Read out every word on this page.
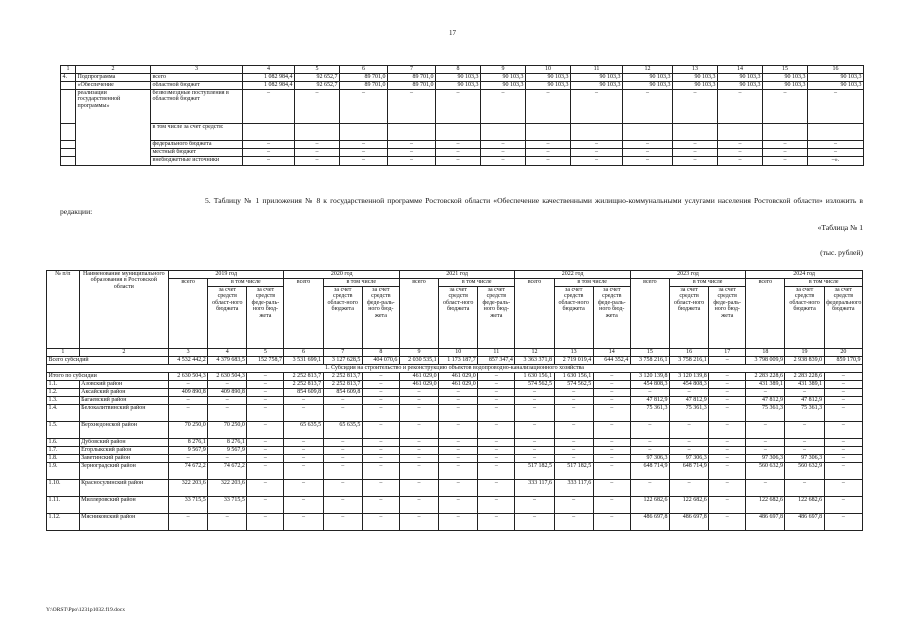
17
1	2	3	4	5	6	7	8	9	10	11	12	13	14	15	16
4.	Подпрограмма	всего	1 082 984,4	92 652,7	89 701,0	89 701,0	90 103,3	90 103,3	90 103,3	90 103,3	90 103,3	90 103,3	90 103,3	90 103,3	90 103,3
	«Обеспечение	областной бюджет	1 082 984,4	92 652,7	89 701,0	89 701,0	90 103,3	90 103,3	90 103,3	90 103,3	90 103,3	90 103,3	90 103,3	90 103,3	90 103,3
	реализации государственной программы»	безвозмездные поступления в областной бюджет	–	–	–	–	–	–	–	–	–	–	–	–	–
		в том числе за счет средств:													
		федерального бюджета	–	–	–	–	–	–	–	–	–	–	–	–	–
		местный бюджет	–	–	–	–	–	–	–	–	–	–	–	–	–
		внебюджетные источники	–	–	–	–	–	–	–	–	–	–	–	–	–».
5. Таблицу № 1 приложения № 8 к государственной программе Ростовской области «Обеспечение качественными жилищно-коммунальными услугами населения Ростовской области» изложить в редакции:
«Таблица № 1
(тыс. рублей)
№ п/п	Наименование муниципального образования в Ростовской области	2019 год			2020 год			2021 год			2022 год			2023 год			2024 год		
		всего	в том числе		всего	в том числе		всего	в том числе		всего	в том числе		всего	в том числе		всего	в том числе	
			за счет средств област-ного бюджета	за счет средств феде-раль-ного бюд-жета		за счет средств област-ного бюджета	за счет средств феде-раль-ного бюд-жета		за счет средств област-ного бюджета	за счет средств феде-раль-ного бюд-жета		за счет средств област-ного бюджета	за счет средств феде-раль-ного бюд-жета		за счет средств област-ного бюджета	за счет средств феде-раль-ного бюд-жета		за счет средств област-ного бюджета	за счет средств федерального бюджета
1	2	3	4	5	6	7	8	9	10	11	12	13	14	15	16	17	18	19	20
Всего субсидий		4 532 442,2	4 379 683,5	152 758,7	3 531 699,1	3 127 628,5	404 070,6	2 030 535,1	1 173 187,7	857 347,4	3 363 371,8	2 719 019,4	644 352,4	3 758 216,1	3 758 216,1	–	3 798 009,9	2 938 839,0	859 170,9
1. Субсидия на строительство и реконструкцию объектов водопроводно-канализационного хозяйства																			
Итого по субсидии		2 630 504,3	2 630 504,3	–	2 252 813,7	2 252 813,7	–	461 029,0	461 029,0	–	1 630 156,1	1 630 156,1	–	3 120 139,8	3 120 139,8	–	2 283 228,6	2 283 228,6	–
1.1.	Азовский район	–	–	–	2 252 813,7	2 252 813,7	–	461 029,0	461 029,0	–	574 562,5	574 562,5	–	454 808,3	454 808,3	–	431 389,1	431 389,1	–
1.2.	Аксайский район	409 890,8	409 890,8	–	854 609,8	854 609,8	–	–	–	–	–	–	–	–	–	–	–	–	–
1.3.	Багаевский район	–	–	–	–	–	–	–	–	–	–	–	–	47 812,9	47 812,9	–	47 812,9	47 812,9	–
1.4.	Белокалитвинский район	–	–	–	–	–	–	–	–	–	–	–	–	75 361,3	75 361,3	–	75 361,3	75 361,3	–
1.5.	Верхнедонской район	70 250,0	70 250,0	–	65 635,5	65 635,5	–	–	–	–	–	–	–	–	–	–	–	–	–
1.6.	Дубовский район	8 276,1	8 276,1	–	–	–	–	–	–	–	–	–	–	–	–	–	–	–	–
1.7.	Егорлыкский район	9 567,9	9 567,9	–	–	–	–	–	–	–	–	–	–	–	–	–	–	–	–
1.8.	Заветинский район	–	–	–	–	–	–	–	–	–	–	–	–	97 306,3	97 306,3	–	97 306,3	97 306,3	–
1.9.	Зерноградский район	74 672,2	74 672,2	–	–	–	–	–	–	–	517 182,5	517 182,5	–	648 714,9	648 714,9	–	560 632,9	560 632,9	–
1.10.	Красносулинский район	322 203,6	322 203,6	–	–	–	–	–	–	–	333 117,6	333 117,6	–	–	–	–	–	–	–
1.11.	Миллеровский район	33 715,5	33 715,5	–	–	–	–	–	–	–	–	–	–	122 682,6	122 682,6	–	122 682,6	122 682,6	–
1.12.	Мясниковский район	–	–	–	–	–	–	–	–	–	–	–	–	486 697,8	486 697,8	–	486 697,8	486 697,8	–
Y:\ORST\Ppo\1231p1032.f19.docx
